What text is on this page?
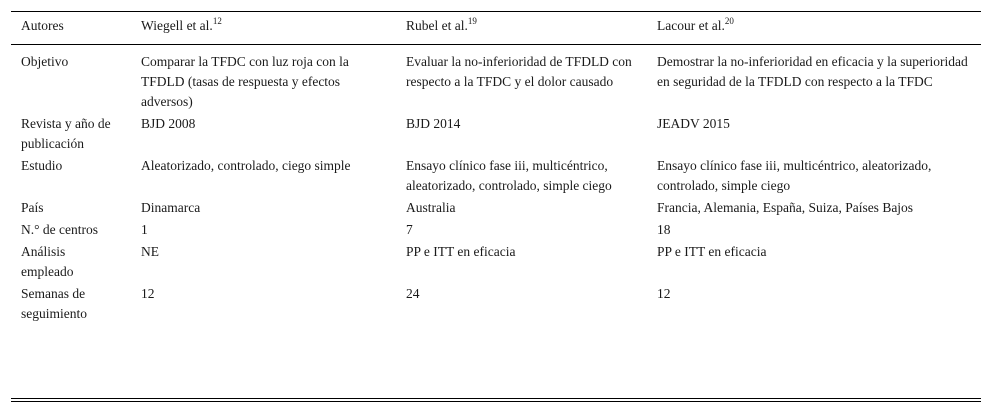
Autores	Wiegell et al.$^{12}$	Rubel et al.$^{19}$	Lacour et al.$^{20}$
Objetivo	Comparar la TFDC con luz roja con la TFDLD (tasas de respuesta y efectos adversos)	Evaluar la no-inferioridad de TFDLD con respecto a la TFDC y el dolor causado	Demostrar la no-inferioridad en eficacia y la superioridad en seguridad de la TFDLD con respecto a la TFDC
Revista y año de publicación	BJD 2008	BJD 2014	JEADV 2015
Estudio	Aleatorizado, controlado, ciego simple	Ensayo clínico fase iii, multicéntrico, aleatorizado, controlado, simple ciego	Ensayo clínico fase iii, multicéntrico, aleatorizado, controlado, simple ciego
País	Dinamarca	Australia	Francia, Alemania, España, Suiza, Países Bajos
N.° de centros	1	7	18
Análisis empleado	NE	PP e ITT en eficacia	PP e ITT en eficacia
Semanas de seguimiento	12	24	12
